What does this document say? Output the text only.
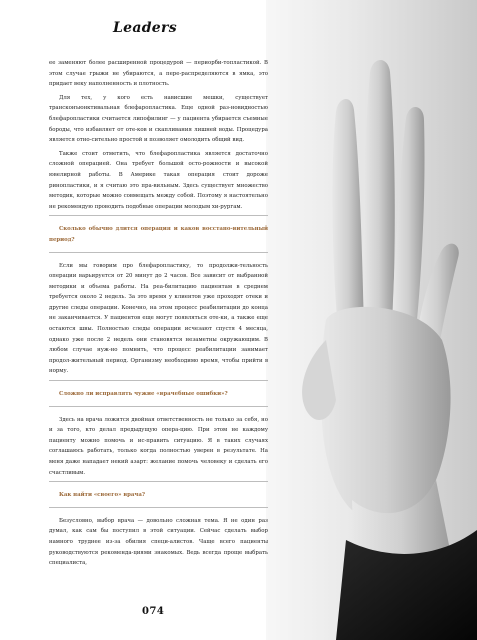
Leaders

ее заменяют более расширенной процедурой — периорби-топластикой. В этом случае грыжи не убираются, а пере-распределяются в ямка, это придает веку наполненность и плотность.

Для тех, у кого есть нависшие мешки, существует трансконъюнктивальная блефаропластика. Еще одной раз-новидностью блефаропластики считается липофилинг — у пациента убирается съемные бороды, что избавляет от оте-ков и скапливания лишней воды. Процедура является отно-сительно простой и позволяет омолодить общий вид.

Также стоит отметить, что блефаропластика является достаточно сложной операцией. Она требует большой осто-рожности и высокой ювелирной работы. В Америке такая операция стоит дороже ринопластики, и я считаю это пра-вильным. Здесь существует множество методик, которые можно совмещать между собой. Поэтому я настоятельно не рекомендую проводить подобные операции молодым хи-рургам.

Сколько обычно длится операция и каков восстано-вительный период?

Если мы говорим про блефаропластику, то продолжи-тельность операции варьируется от 20 минут до 2 часов. Все зависит от выбранной методики и объема работы. На реа-билитацию пациентам в среднем требуется около 2 недель. За это время у клиентов уже проходят отеки и другие следы операции. Конечно, на этом процесс реабилитации до конца не заканчивается. У пациентов еще могут появляться оте-ки, а также еще остаются швы. Полностью следы операции исчезают спустя 4 месяца, однако уже после 2 недель они становятся незаметны окружающим. В любом случае нуж-но помнить, что процесс реабилитации занимает продол-жительный период. Организму необходимо время, чтобы прийти в норму.

Сложно ли исправлять чужие «врачебные ошибки»?

Здесь на врача ложится двойная ответственность не только за себя, но и за того, кто делал предыдущую опера-цию. При этом не каждому пациенту можно помочь и ис-править ситуацию. Я в таких случаях соглашаюсь работать, только когда полностью уверен в результате. На меня даже нападает некий азарт: желание помочь человеку и сделать его счастливым.

Как найти «своего» врача?

Безусловно, выбор врача — довольно сложная тема. Я не один раз думал, как сам бы поступил в этой ситуации. Сейчас сделать выбор намного труднее из-за обилия специ-алистов. Чаще всего пациенты руководствуются рекоменда-циями знакомых. Ведь всегда проще выбрать специалиста,

074
